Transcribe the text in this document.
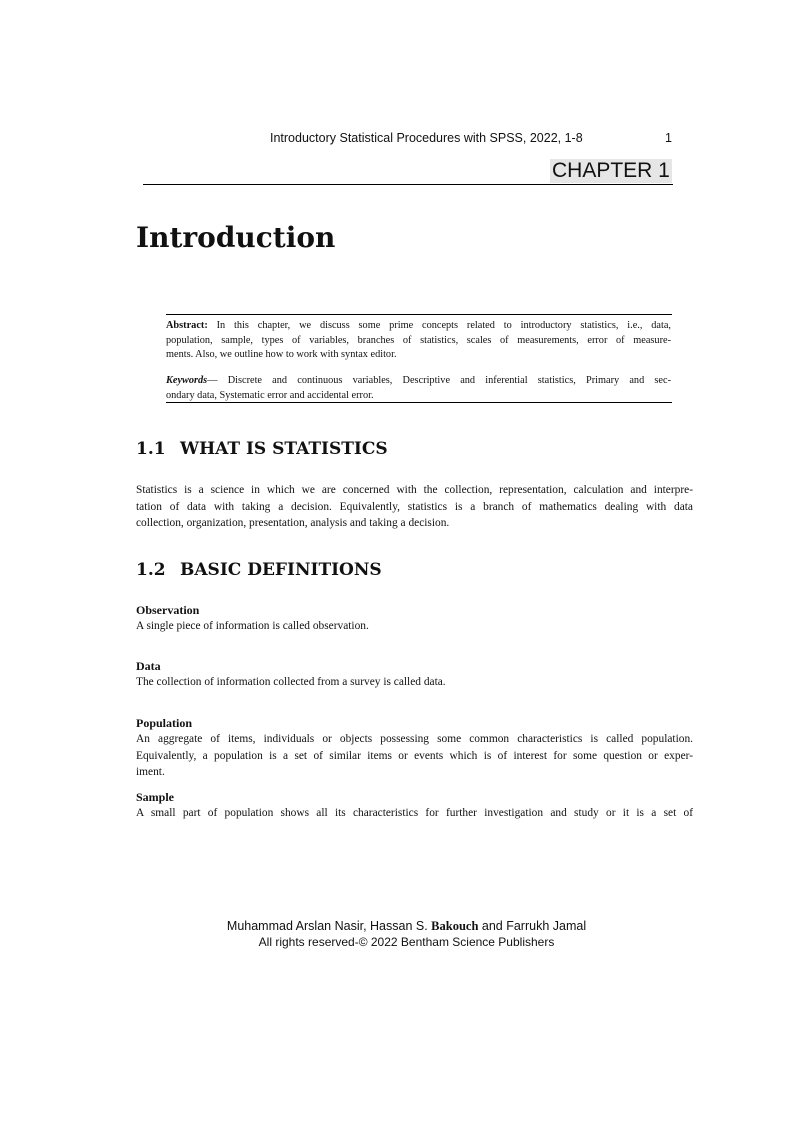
Introductory Statistical Procedures with SPSS, 2022, 1-8	1
CHAPTER 1
Introduction
Abstract: In this chapter, we discuss some prime concepts related to introductory statistics, i.e., data,
population, sample, types of variables, branches of statistics, scales of measurements, error of measure-
ments. Also, we outline how to work with syntax editor.
Keywords— Discrete and continuous variables, Descriptive and inferential statistics, Primary and sec-
ondary data, Systematic error and accidental error.
1.1 WHAT IS STATISTICS
Statistics is a science in which we are concerned with the collection, representation, calculation and interpre-
tation of data with taking a decision. Equivalently, statistics is a branch of mathematics dealing with data
collection, organization, presentation, analysis and taking a decision.
1.2 BASIC DEFINITIONS
Observation
A single piece of information is called observation.
Data
The collection of information collected from a survey is called data.
Population
An aggregate of items, individuals or objects possessing some common characteristics is called population.
Equivalently, a population is a set of similar items or events which is of interest for some question or exper-
iment.
Sample
A small part of population shows all its characteristics for further investigation and study or it is a set of
Muhammad Arslan Nasir, Hassan S. Bakouch and Farrukh Jamal
All rights reserved-© 2022 Bentham Science Publishers
